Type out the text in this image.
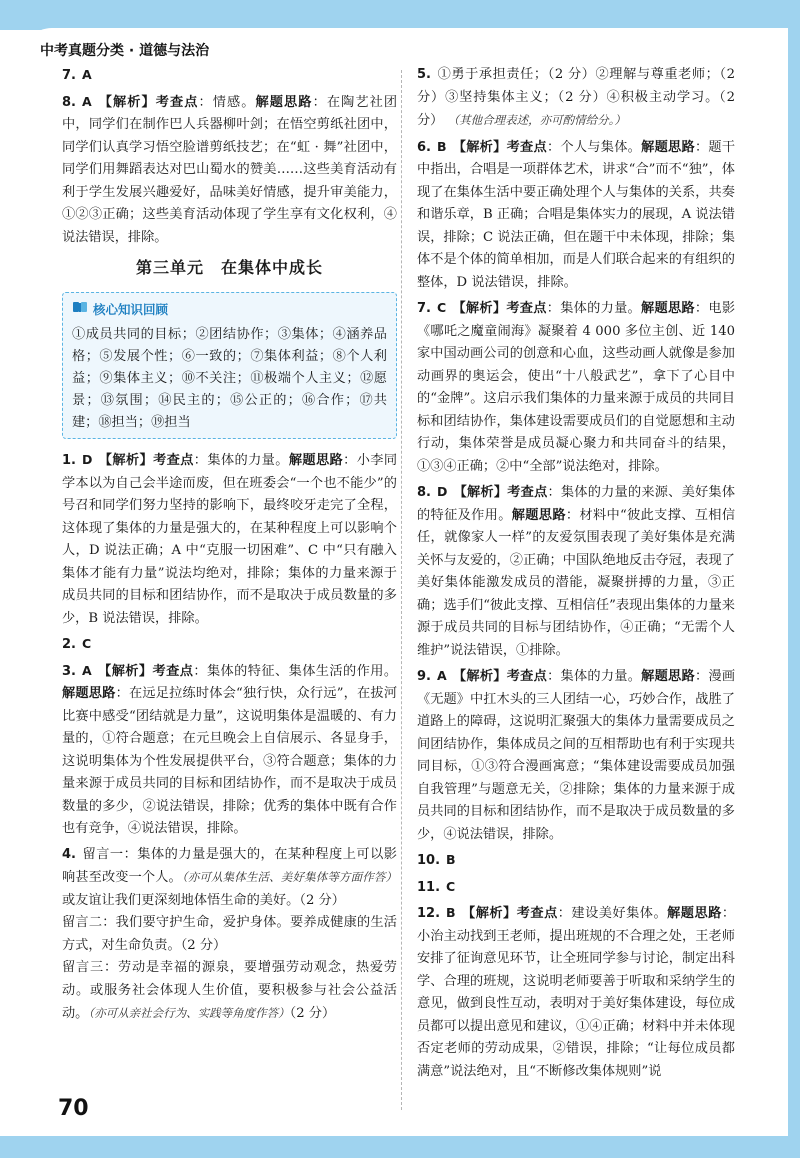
中考真题分类 · 道德与法治
7. A
8. A 【解析】考查点：情感。解题思路：在陶艺社团中，同学们在制作巴人兵器柳叶剑；在悟空剪纸社团中，同学们认真学习悟空脸谱剪纸技艺；在“虹 · 舞”社团中，同学们用舞蹈表达对巴山蜀水的赞美……这些美育活动有利于学生发展兴趣爱好，品味美好情感，提升审美能力，①②③正确；这些美育活动体现了学生享有文化权利，④说法错误，排除。
第三单元　在集体中成长
核心知识回顾
①成员共同的目标；②团结协作；③集体；④涵养品格；⑤发展个性；⑥一致的；⑦集体利益；⑧个人利益；⑨集体主义；⑩不关注；⑪极端个人主义；⑫愿景；⑬氛围；⑭民主的；⑮公正的；⑯合作；⑰共建；⑱担当；⑲担当
1. D 【解析】考查点：集体的力量。解题思路：小李同学本以为自己会半途而废，但在班委会“一个也不能少”的号召和同学们努力坚持的影响下，最终咬牙走完了全程，这体现了集体的力量是强大的，在某种程度上可以影响个人，D 说法正确；A 中“克服一切困难”、C 中“只有融入集体才能有力量”说法均绝对，排除；集体的力量来源于成员共同的目标和团结协作，而不是取决于成员数量的多少，B 说法错误，排除。
2. C
3. A 【解析】考查点：集体的特征、集体生活的作用。解题思路：在远足拉练时体会“独行快，众行远”，在拔河比赛中感受“团结就是力量”，这说明集体是温暖的、有力量的，①符合题意；在元旦晚会上自信展示、各显身手，这说明集体为个性发展提供平台，③符合题意；集体的力量来源于成员共同的目标和团结协作，而不是取决于成员数量的多少，②说法错误，排除；优秀的集体中既有合作也有竞争，④说法错误，排除。
4. 留言一：集体的力量是强大的，在某种程度上可以影响甚至改变一个人。（亦可从集体生活、美好集体等方面作答）或友谊让我们更深刻地体悟生命的美好。（2 分）

留言二：我们要守护生命，爱护身体。要养成健康的生活方式，对生命负责。（2 分）

留言三：劳动是幸福的源泉，要增强劳动观念，热爱劳动。或服务社会体现人生价值，要积极参与社会公益活动。（亦可从亲社会行为、实践等角度作答）（2 分）

5. ①勇于承担责任；（2 分）②理解与尊重老师；（2 分）③坚持集体主义；（2 分）④积极主动学习。（2 分） （其他合理表述，亦可酌情给分。）
6. B 【解析】考查点：个人与集体。解题思路：题干中指出，合唱是一项群体艺术，讲求“合”而不“独”，体现了在集体生活中要正确处理个人与集体的关系，共奏和谐乐章，B 正确；合唱是集体实力的展现，A 说法错误，排除；C 说法正确，但在题干中未体现，排除；集体不是个体的简单相加，而是人们联合起来的有组织的整体，D 说法错误，排除。
7. C 【解析】考查点：集体的力量。解题思路：电影《哪吒之魔童闹海》凝聚着 4 000 多位主创、近 140 家中国动画公司的创意和心血，这些动画人就像是参加动画界的奥运会，使出“十八般武艺”，拿下了心目中的“金牌”。这启示我们集体的力量来源于成员的共同目标和团结协作，集体建设需要成员们的自觉愿想和主动行动，集体荣誉是成员凝心聚力和共同奋斗的结果，①③④正确；②中“全部”说法绝对，排除。
8. D 【解析】考查点：集体的力量的来源、美好集体的特征及作用。解题思路：材料中“彼此支撑、互相信任，就像家人一样”的友爱氛围表现了美好集体是充满关怀与友爱的，②正确；中国队绝地反击夺冠，表现了美好集体能激发成员的潜能，凝聚拼搏的力量，③正确；选手们“彼此支撑、互相信任”表现出集体的力量来源于成员共同的目标与团结协作，④正确；“无需个人维护”说法错误，①排除。
9. A 【解析】考查点：集体的力量。解题思路：漫画《无题》中扛木头的三人团结一心，巧妙合作，战胜了道路上的障碍，这说明汇聚强大的集体力量需要成员之间团结协作，集体成员之间的互相帮助也有利于实现共同目标，①③符合漫画寓意；“集体建设需要成员加强自我管理”与题意无关，②排除；集体的力量来源于成员共同的目标和团结协作，而不是取决于成员数量的多少，④说法错误，排除。
10. B
11. C
12. B 【解析】考查点：建设美好集体。解题思路：小治主动找到王老师，提出班规的不合理之处，王老师安排了征询意见环节，让全班同学参与讨论，制定出科学、合理的班规，这说明老师要善于听取和采纳学生的意见，做到良性互动，表明对于美好集体建设，每位成员都可以提出意见和建议，①④正确；材料中并未体现否定老师的劳动成果，②错误，排除；“让每位成员都满意”说法绝对，且“不断修改集体规则”说
70
